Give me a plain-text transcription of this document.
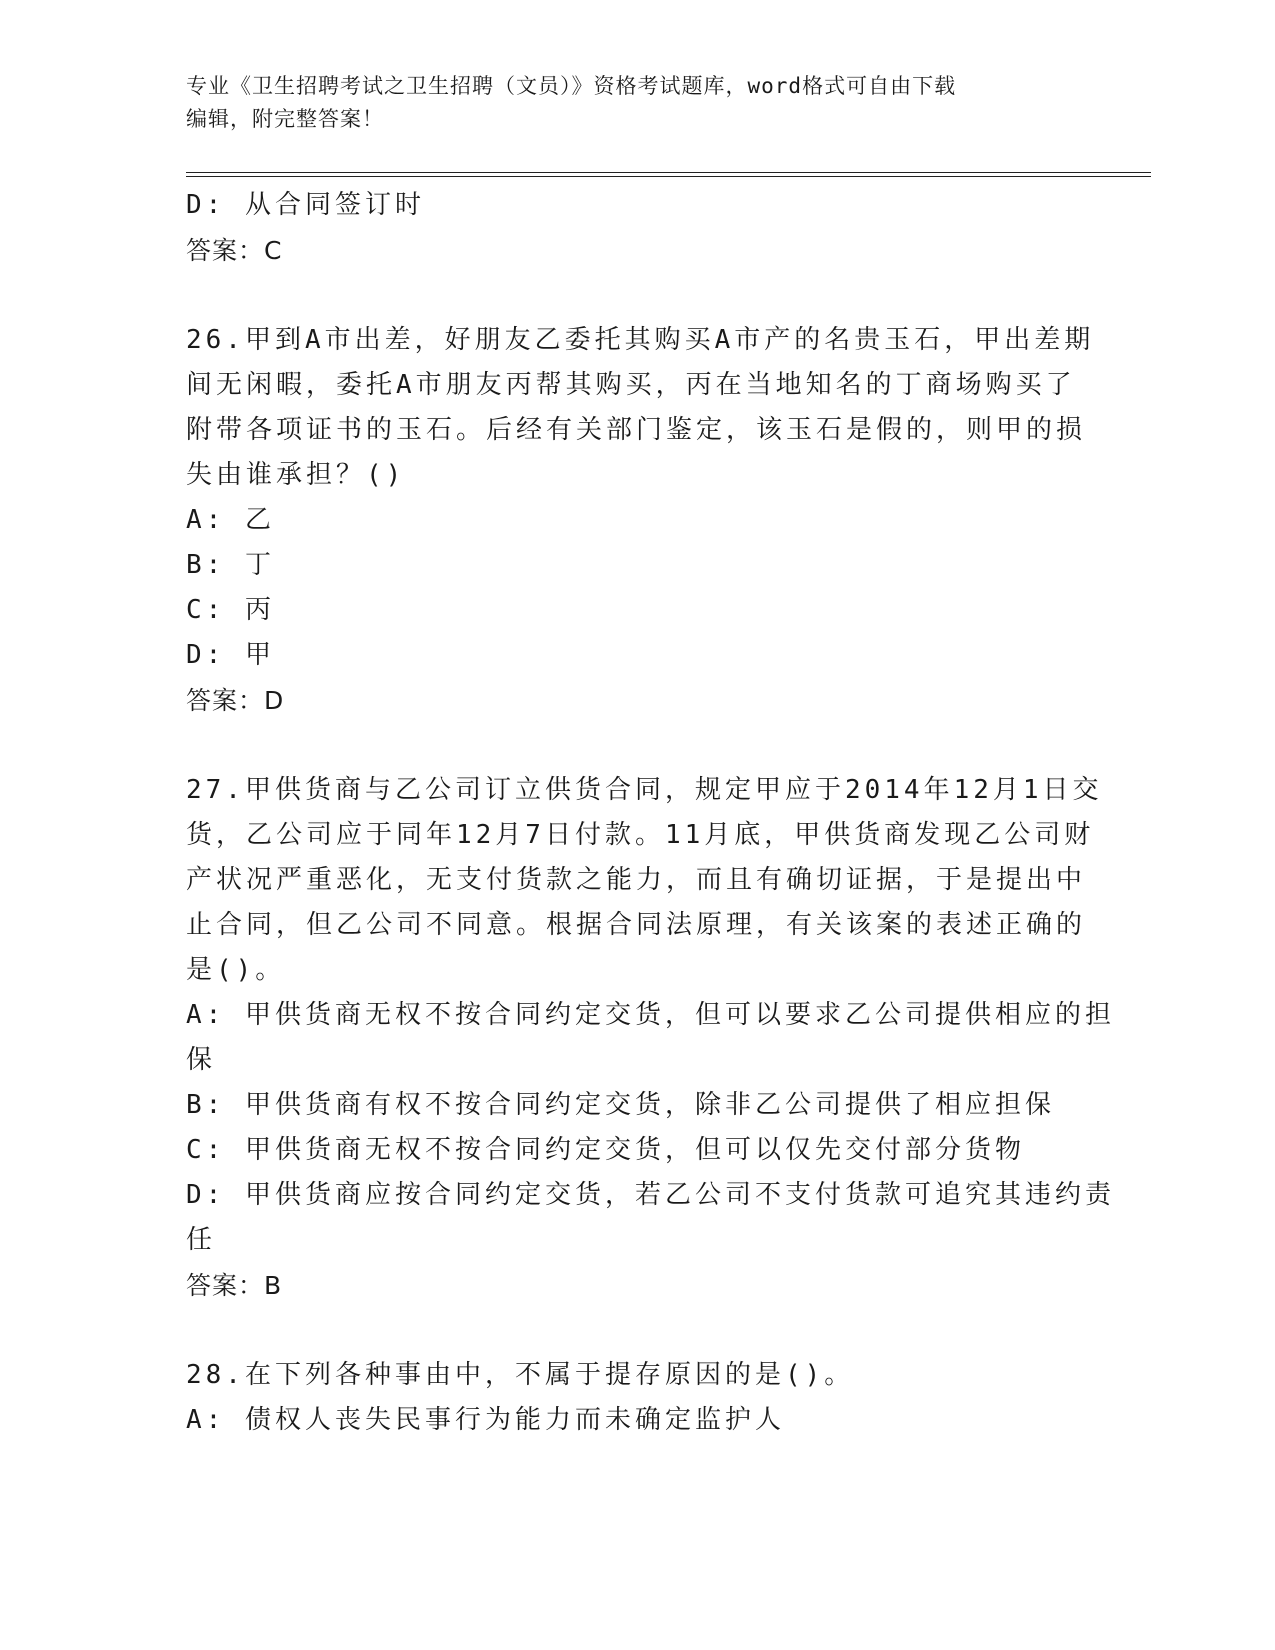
专业《卫生招聘考试之卫生招聘（文员）》资格考试题库，word格式可自由下载
编辑，附完整答案！
D: 从合同签订时
答案：C
26.甲到A市出差，好朋友乙委托其购买A市产的名贵玉石，甲出差期
间无闲暇，委托A市朋友丙帮其购买，丙在当地知名的丁商场购买了
附带各项证书的玉石。后经有关部门鉴定，该玉石是假的，则甲的损
失由谁承担？()
A: 乙
B: 丁
C: 丙
D: 甲
答案：D
27.甲供货商与乙公司订立供货合同，规定甲应于2014年12月1日交
货，乙公司应于同年12月7日付款。11月底，甲供货商发现乙公司财
产状况严重恶化，无支付货款之能力，而且有确切证据，于是提出中
止合同，但乙公司不同意。根据合同法原理，有关该案的表述正确的
是()。
A: 甲供货商无权不按合同约定交货，但可以要求乙公司提供相应的担
保
B: 甲供货商有权不按合同约定交货，除非乙公司提供了相应担保
C: 甲供货商无权不按合同约定交货，但可以仅先交付部分货物
D: 甲供货商应按合同约定交货，若乙公司不支付货款可追究其违约责
任
答案：B
28.在下列各种事由中，不属于提存原因的是()。
A: 债权人丧失民事行为能力而未确定监护人
